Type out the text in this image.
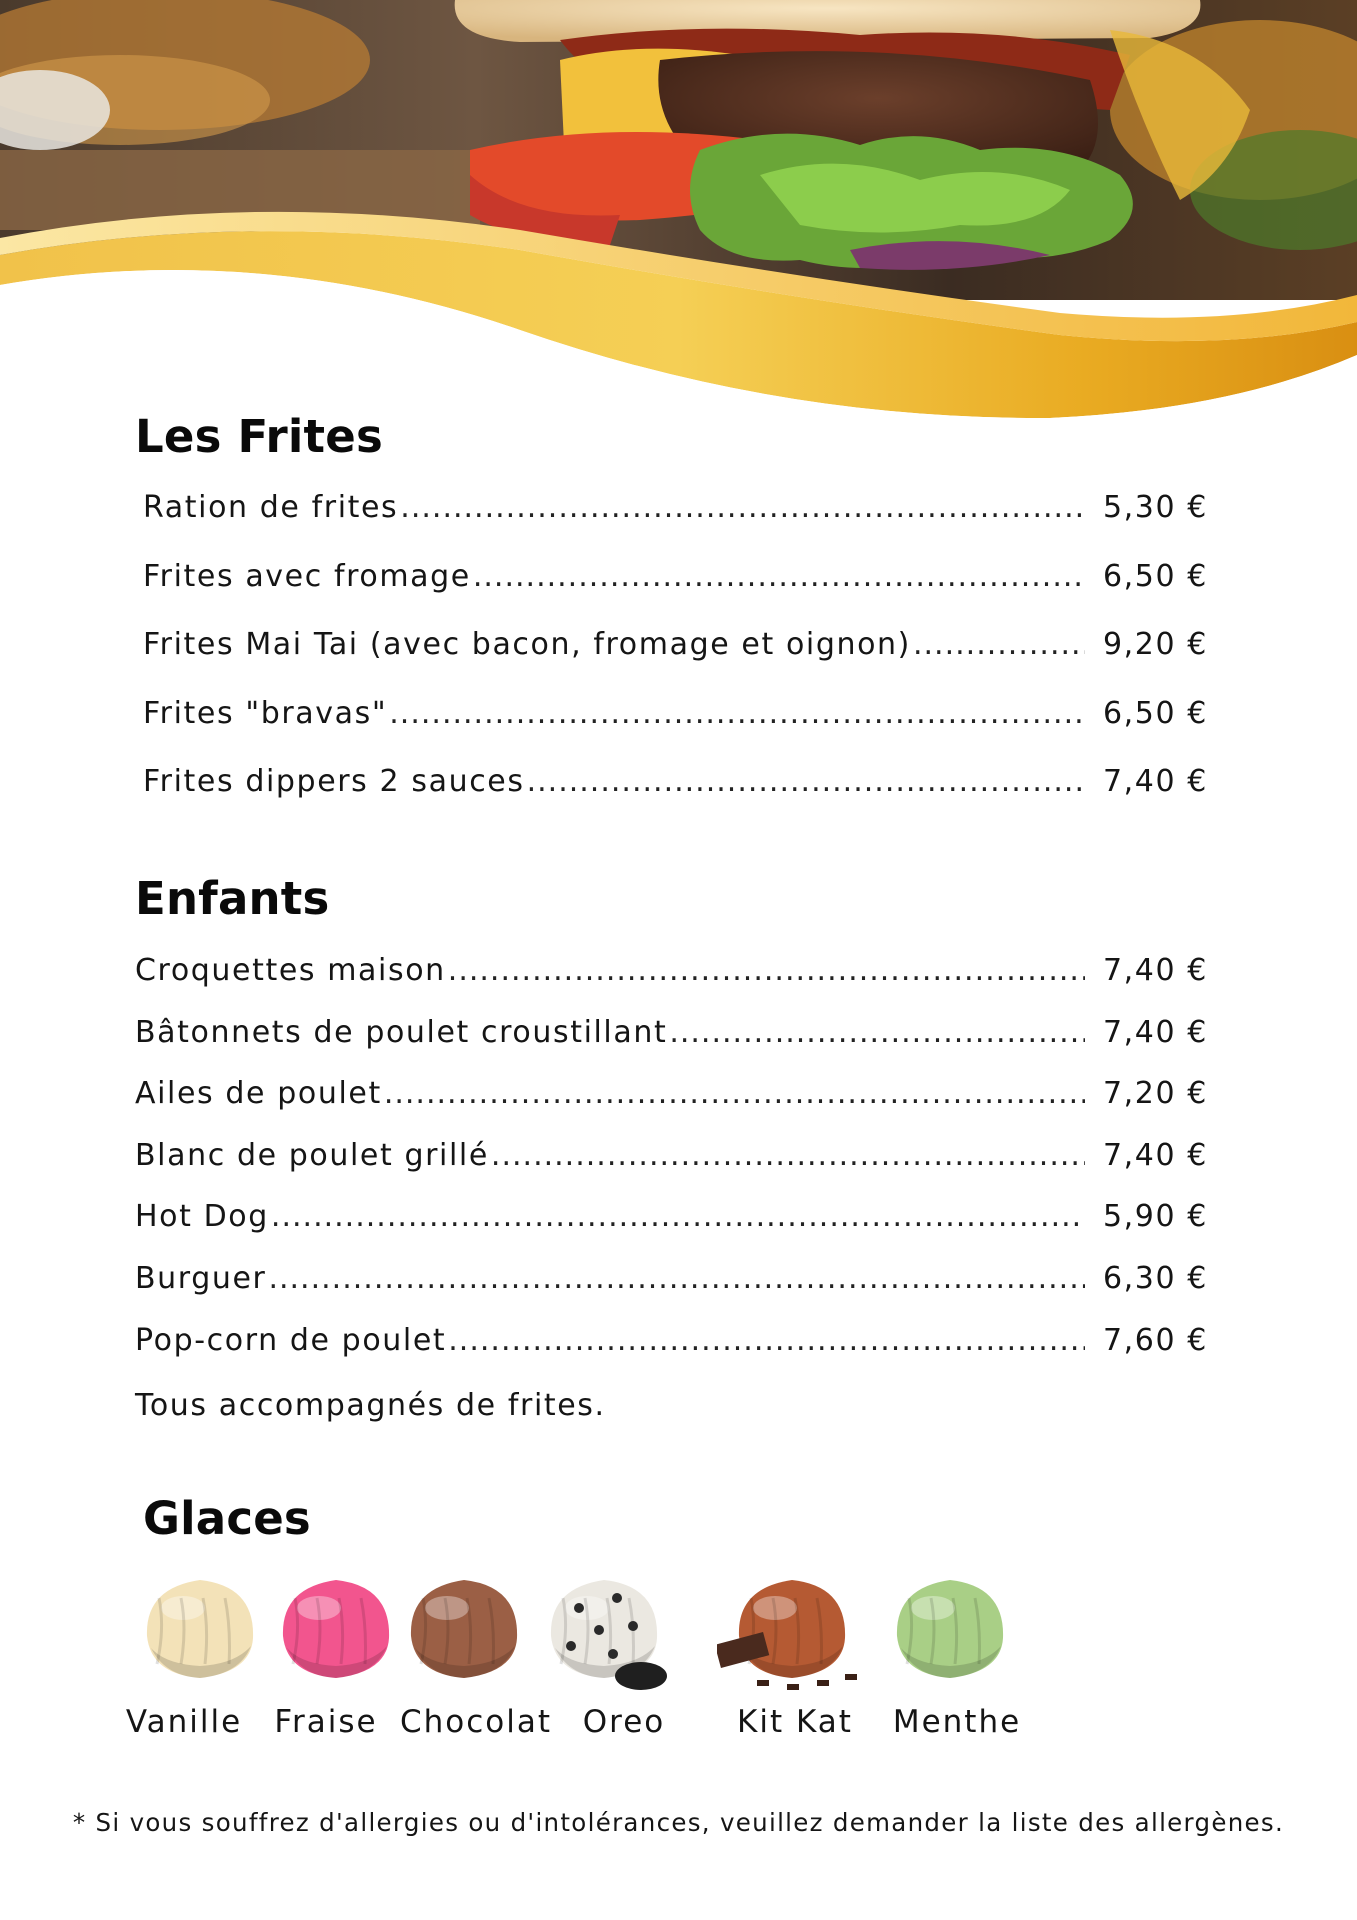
Les Frites
Ration de frites .....	5,30 €
Frites avec fromage .....	6,50 €
Frites Mai Tai (avec bacon, fromage et oignon) .....	9,20 €
Frites "bravas" .....	6,50 €
Frites dippers 2 sauces .....	7,40 €
Enfants
Croquettes maison .....	7,40 €
Bâtonnets de poulet croustillant .....	7,40 €
Ailes de poulet .....	7,20 €
Blanc de poulet grillé .....	7,40 €
Hot Dog .....	5,90 €
Burguer .....	6,30 €
Pop-corn de poulet .....	7,60 €

Tous accompagnés de frites.

Glaces
Vanille	Fraise Chocolat Oreo	Kit Kat	Menthe

* Si vous souffrez d'allergies ou d'intolérances, veuillez demander la liste des allergènes.
